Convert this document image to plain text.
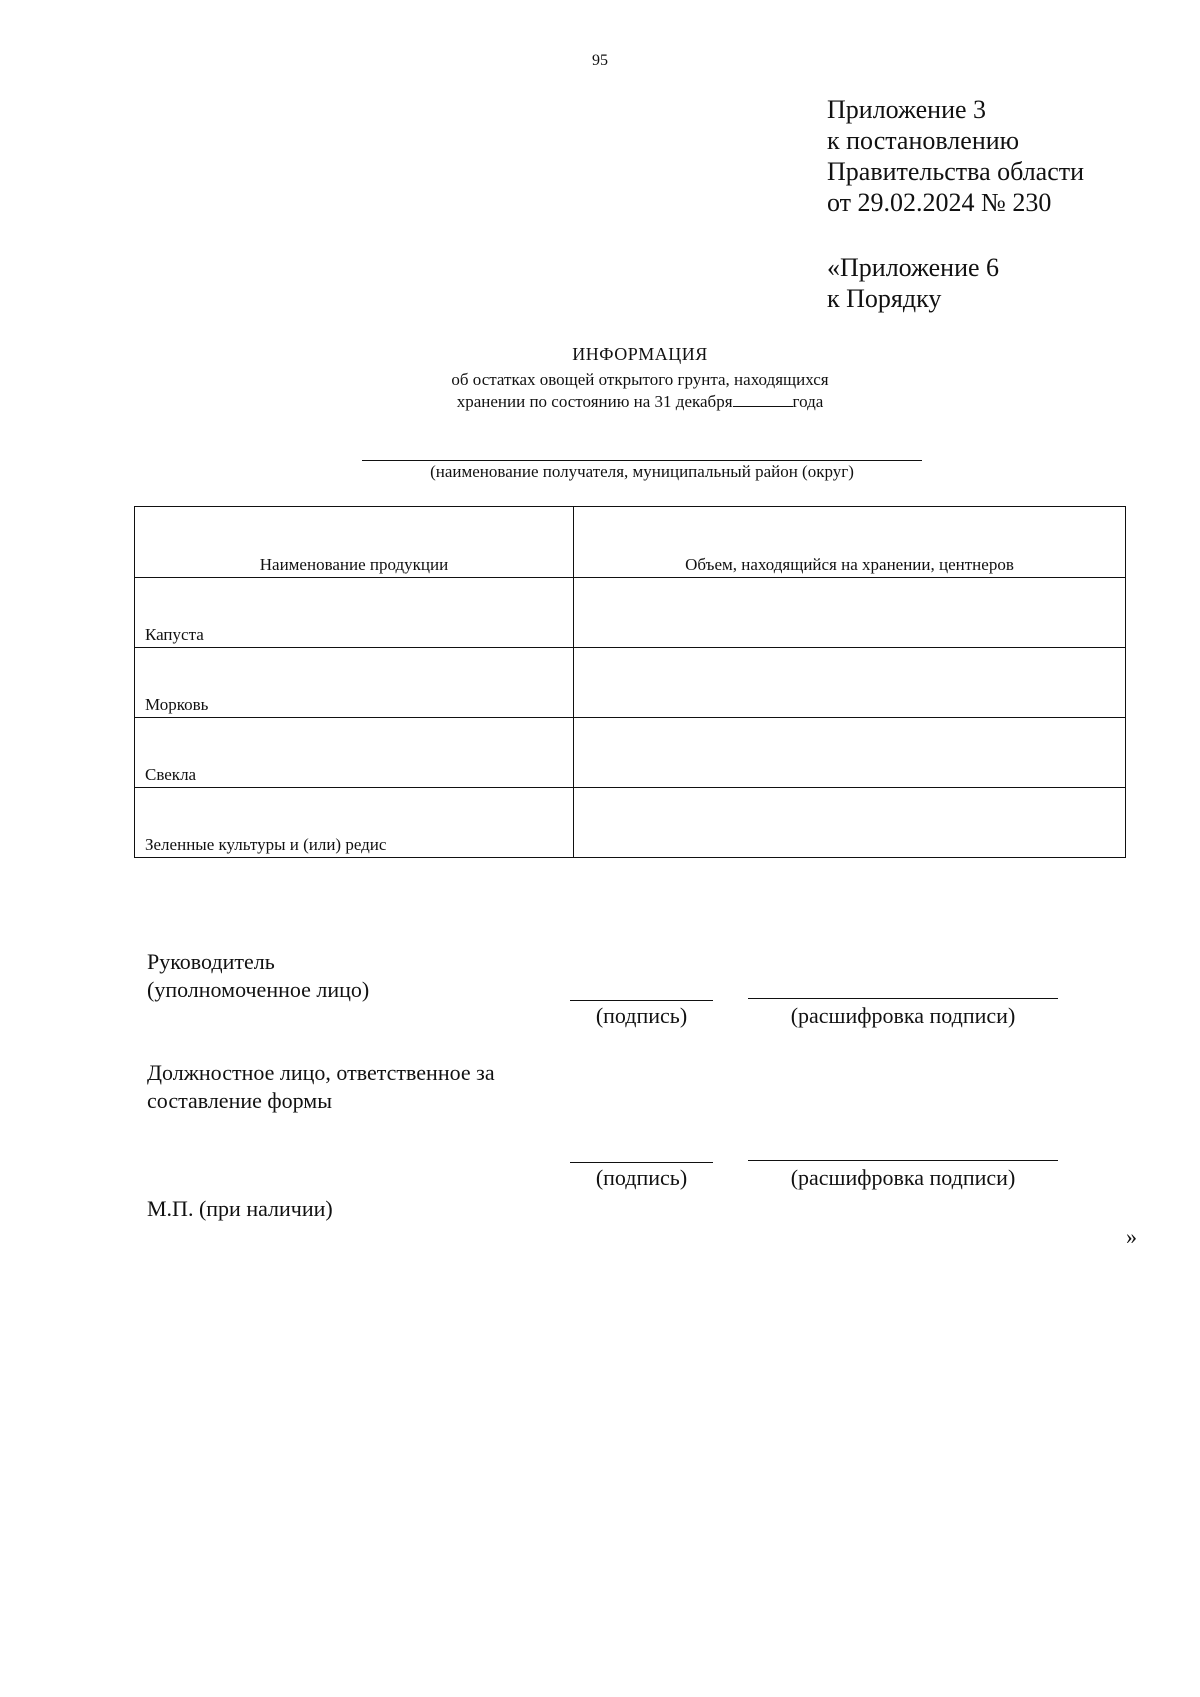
95
Приложение 3
к постановлению
Правительства области
от 29.02.2024 № 230
«Приложение 6
к Порядку
ИНФОРМАЦИЯ
об остатках овощей открытого грунта, находящихся
хранении по состоянию на 31 декабря	года
(наименование получателя, муниципальный район (округ)
Наименование продукции	Объем, находящийся на хранении, центнеров
Капуста	
Морковь	
Свекла	
Зеленные культуры и (или) редис	
Руководитель
(уполномоченное лицо)
(подпись)	(расшифровка подписи)
Должностное лицо, ответственное за
составление формы
(подпись)	(расшифровка подписи)
М.П. (при наличии)
»
